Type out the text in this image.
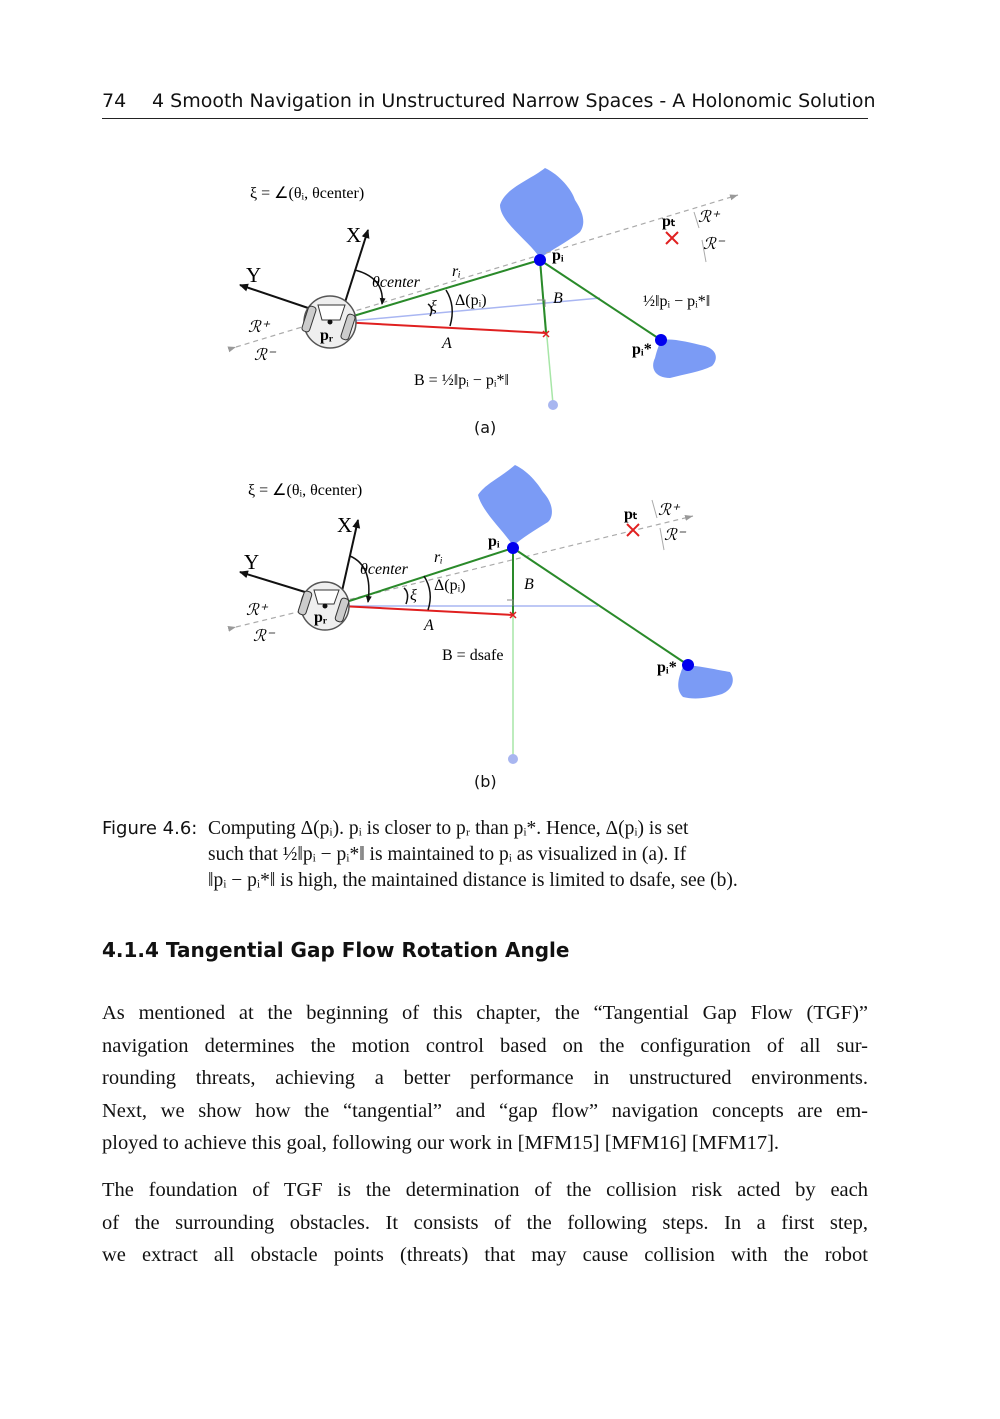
74 4 Smooth Navigation in Unstructured Narrow Spaces - A Holonomic Solution
ξ = ∠(θᵢ, θcenter)
X
Y
pᵣ
θcenter
rᵢ
ξ Δ(pᵢ)
A
B
pᵢ
pᵢ*
pₜ ℛ⁺
ℛ⁻
ℛ⁺
ℛ⁻
½‖pᵢ − pᵢ*‖
B = ½‖pᵢ − pᵢ*‖
ξ = ∠(θᵢ, θcenter)
X
Y
pᵣ
θcenter
rᵢ
ξ
Δ(pᵢ)
A
B
pᵢ
pᵢ*
pₜ ℛ⁺
ℛ⁻
ℛ⁺
ℛ⁻
B = dsafe
(a)
(b)
Figure 4.6: Computing Δ(pᵢ). pᵢ is closer to pᵣ than pᵢ*. Hence, Δ(pᵢ) is set
such that ½‖pᵢ − pᵢ*‖ is maintained to pᵢ as visualized in (a). If
‖pᵢ − pᵢ*‖ is high, the maintained distance is limited to dsafe, see (b).
4.1.4 Tangential Gap Flow Rotation Angle
As mentioned at the beginning of this chapter, the “Tangential Gap Flow (TGF)”
navigation determines the motion control based on the configuration of all sur-
rounding threats, achieving a better performance in unstructured environments.
Next, we show how the “tangential” and “gap flow” navigation concepts are em-
ployed to achieve this goal, following our work in [MFM15] [MFM16] [MFM17].
The foundation of TGF is the determination of the collision risk acted by each
of the surrounding obstacles. It consists of the following steps. In a first step,
we extract all obstacle points (threats) that may cause collision with the robot
